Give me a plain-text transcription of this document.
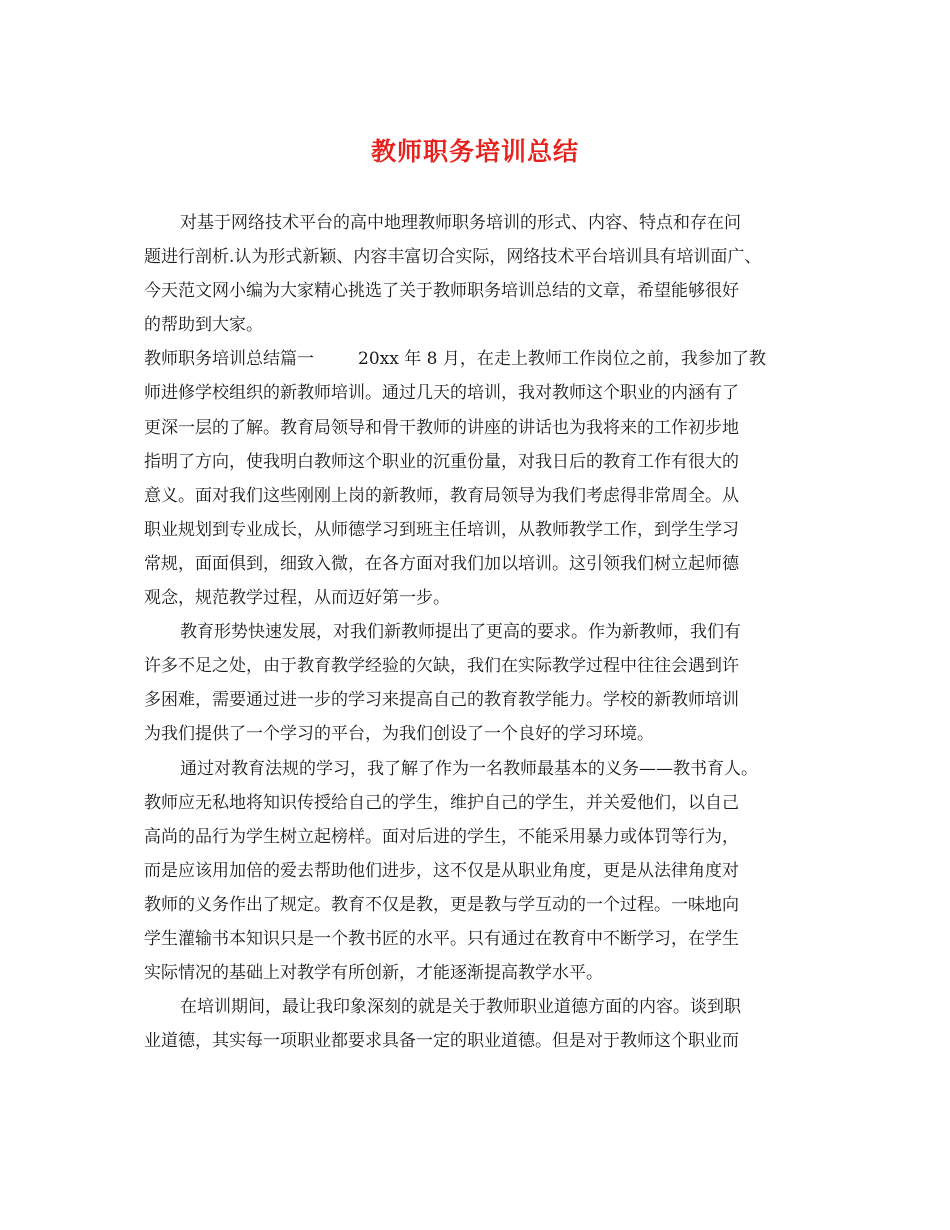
教师职务培训总结
对基于网络技术平台的高中地理教师职务培训的形式、内容、特点和存在问
题进行剖析.认为形式新颖、内容丰富切合实际，网络技术平台培训具有培训面广、
今天范文网小编为大家精心挑选了关于教师职务培训总结的文章，希望能够很好
的帮助到大家。
教师职务培训总结篇一	20xx 年 8 月，在走上教师工作岗位之前，我参加了教
师进修学校组织的新教师培训。通过几天的培训，我对教师这个职业的内涵有了
更深一层的了解。教育局领导和骨干教师的讲座的讲话也为我将来的工作初步地
指明了方向，使我明白教师这个职业的沉重份量，对我日后的教育工作有很大的
意义。面对我们这些刚刚上岗的新教师，教育局领导为我们考虑得非常周全。从
职业规划到专业成长，从师德学习到班主任培训，从教师教学工作，到学生学习
常规，面面俱到，细致入微，在各方面对我们加以培训。这引领我们树立起师德
观念，规范教学过程，从而迈好第一步。
教育形势快速发展，对我们新教师提出了更高的要求。作为新教师，我们有
许多不足之处，由于教育教学经验的欠缺，我们在实际教学过程中往往会遇到许
多困难，需要通过进一步的学习来提高自己的教育教学能力。学校的新教师培训
为我们提供了一个学习的平台，为我们创设了一个良好的学习环境。
通过对教育法规的学习，我了解了作为一名教师最基本的义务——教书育人。
教师应无私地将知识传授给自己的学生，维护自己的学生，并关爱他们，以自己
高尚的品行为学生树立起榜样。面对后进的学生，不能采用暴力或体罚等行为，
而是应该用加倍的爱去帮助他们进步，这不仅是从职业角度，更是从法律角度对
教师的义务作出了规定。教育不仅是教，更是教与学互动的一个过程。一味地向
学生灌输书本知识只是一个教书匠的水平。只有通过在教育中不断学习，在学生
实际情况的基础上对教学有所创新，才能逐渐提高教学水平。
在培训期间，最让我印象深刻的就是关于教师职业道德方面的内容。谈到职
业道德，其实每一项职业都要求具备一定的职业道德。但是对于教师这个职业而
